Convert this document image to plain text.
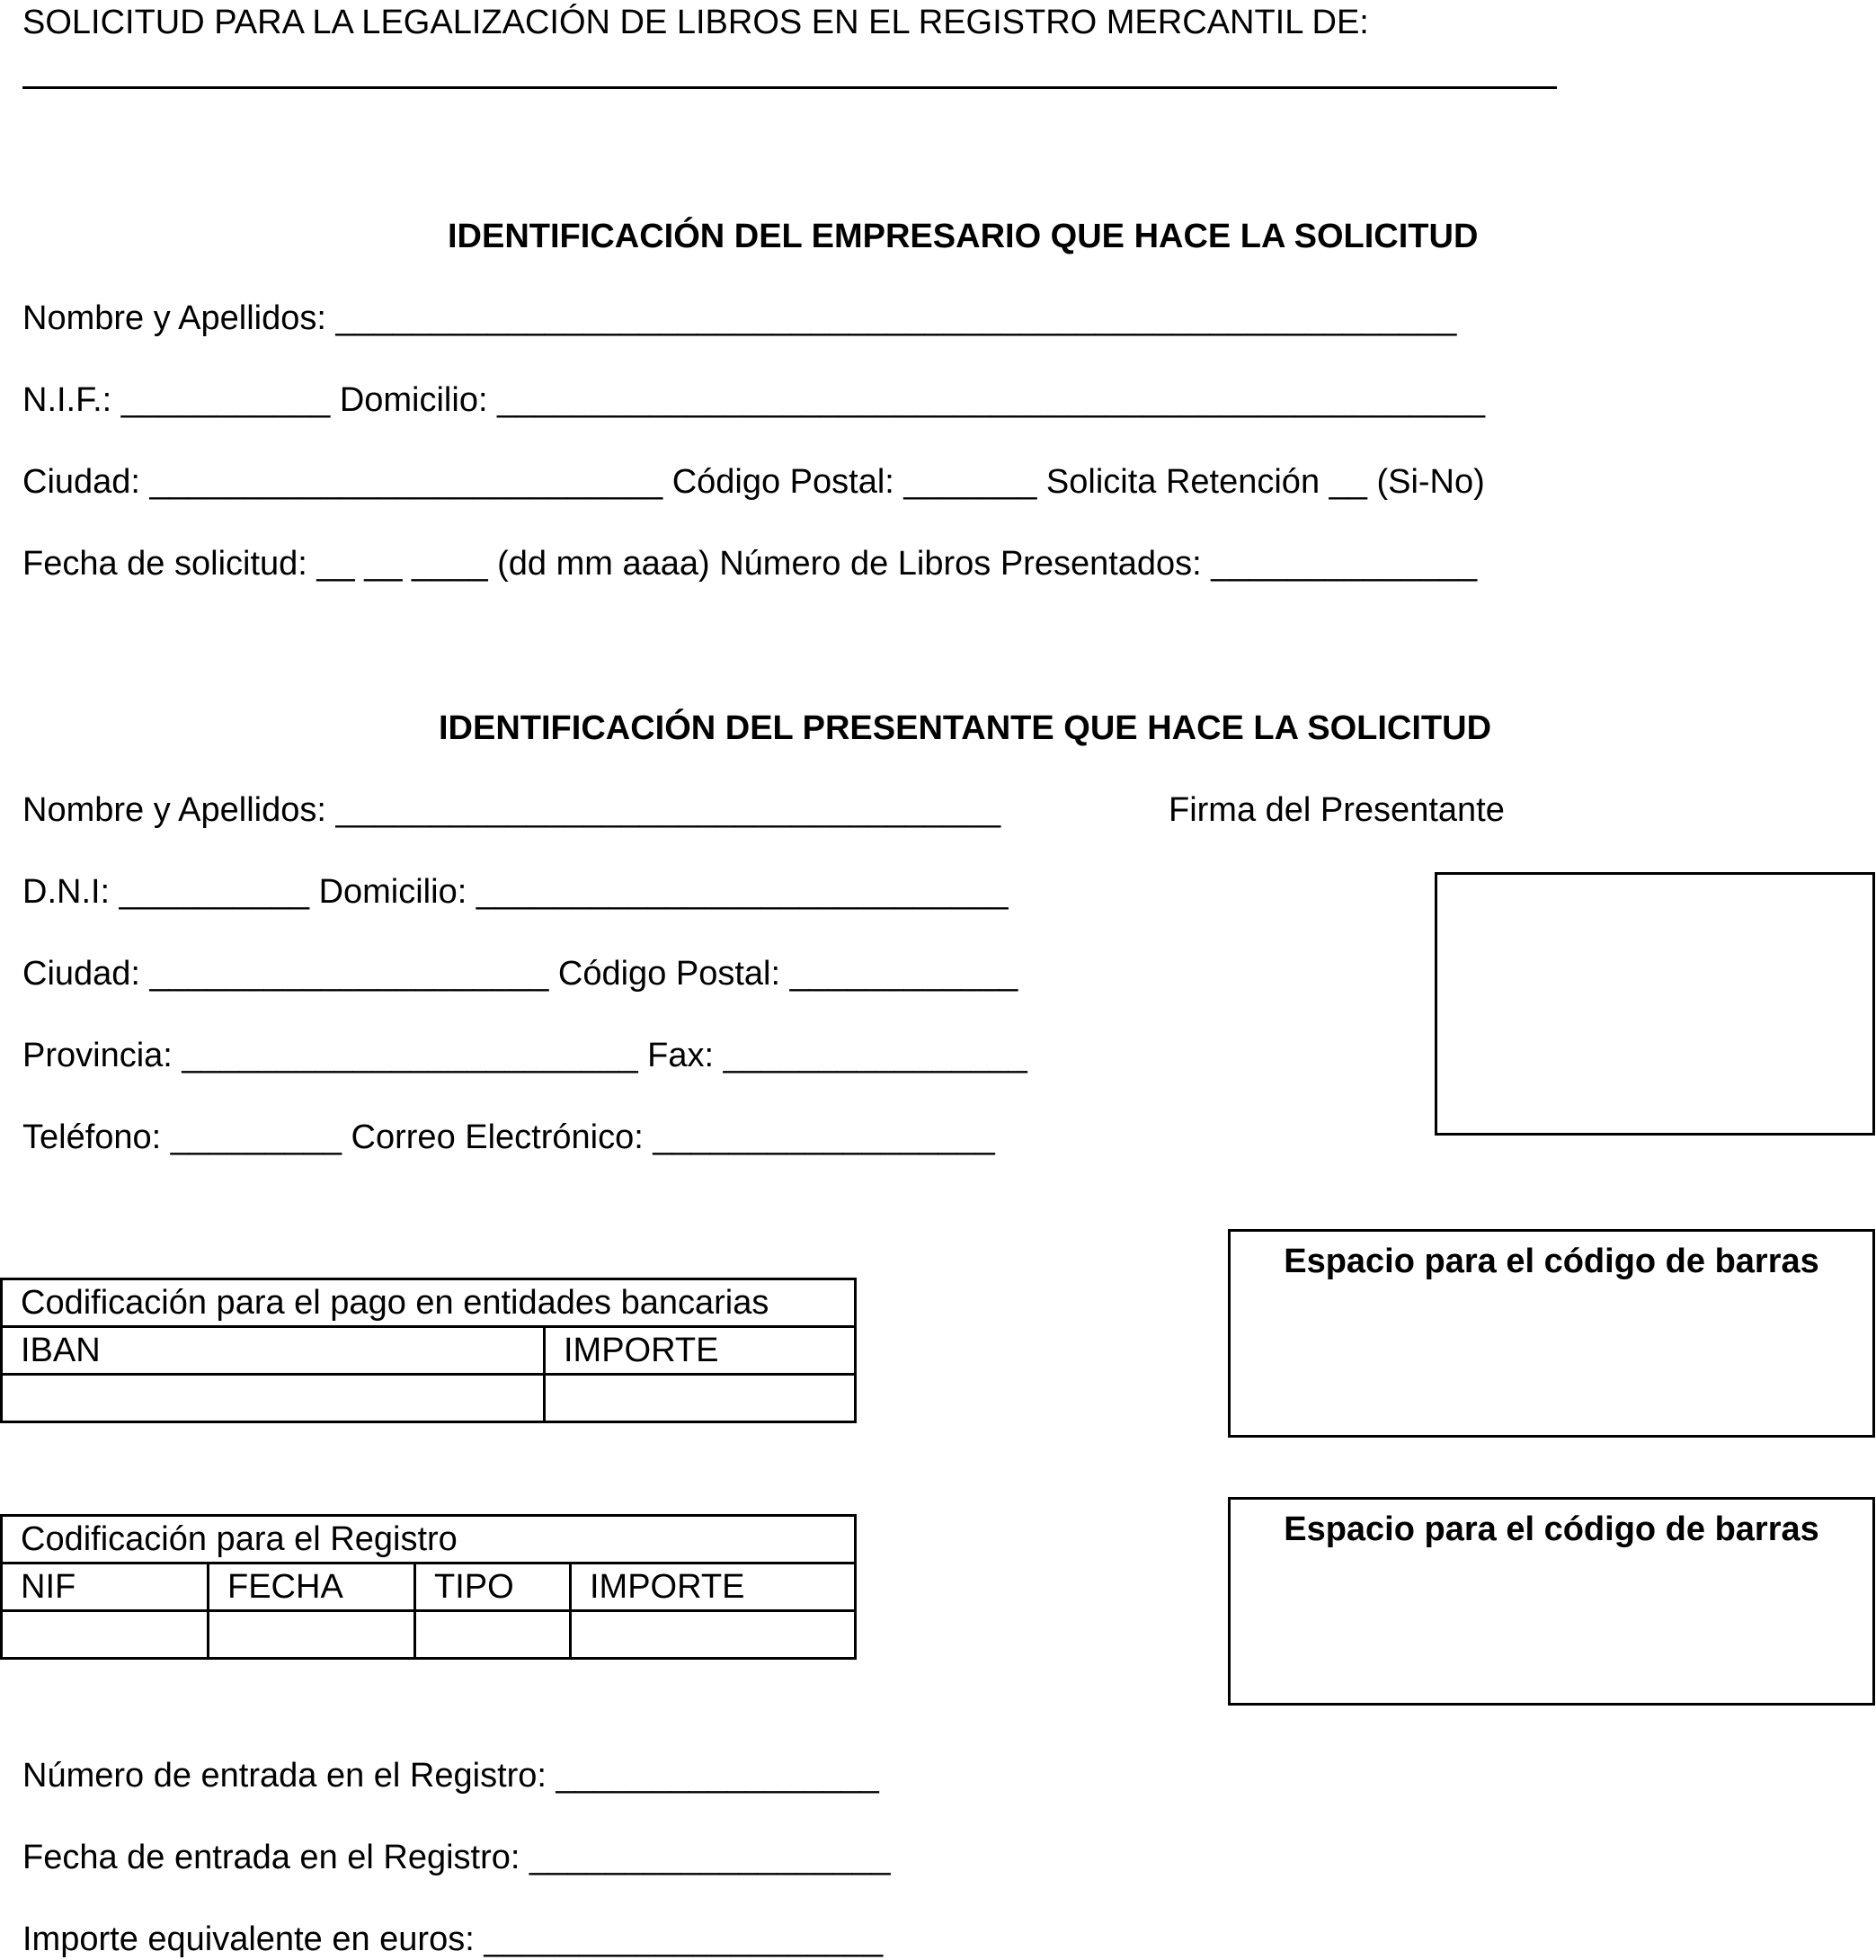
SOLICITUD PARA LA LEGALIZACIÓN DE LIBROS EN EL REGISTRO MERCANTIL DE:
IDENTIFICACIÓN DEL EMPRESARIO QUE HACE LA SOLICITUD
Nombre y Apellidos: ___________________________________________________________
N.I.F.: ___________ Domicilio: ____________________________________________________
Ciudad: ___________________________ Código Postal: _______ Solicita Retención __ (Si-No)
Fecha de solicitud: __ __ ____ (dd mm aaaa) Número de Libros Presentados: ______________
IDENTIFICACIÓN DEL PRESENTANTE QUE HACE LA SOLICITUD
Nombre y Apellidos: ___________________________________	Firma del Presentante
D.N.I: __________ Domicilio: ____________________________
Ciudad: _____________________ Código Postal: ____________
Provincia: ________________________ Fax: ________________
Teléfono: _________ Correo Electrónico: __________________
Espacio para el código de barras
Espacio para el código de barras
Codificación para el pago en entidades bancarias	
IBAN	IMPORTE

Codificación para el Registro			
NIF	FECHA	TIPO	IMPORTE

Número de entrada en el Registro: _________________
Fecha de entrada en el Registro: ___________________
Importe equivalente en euros: _____________________
